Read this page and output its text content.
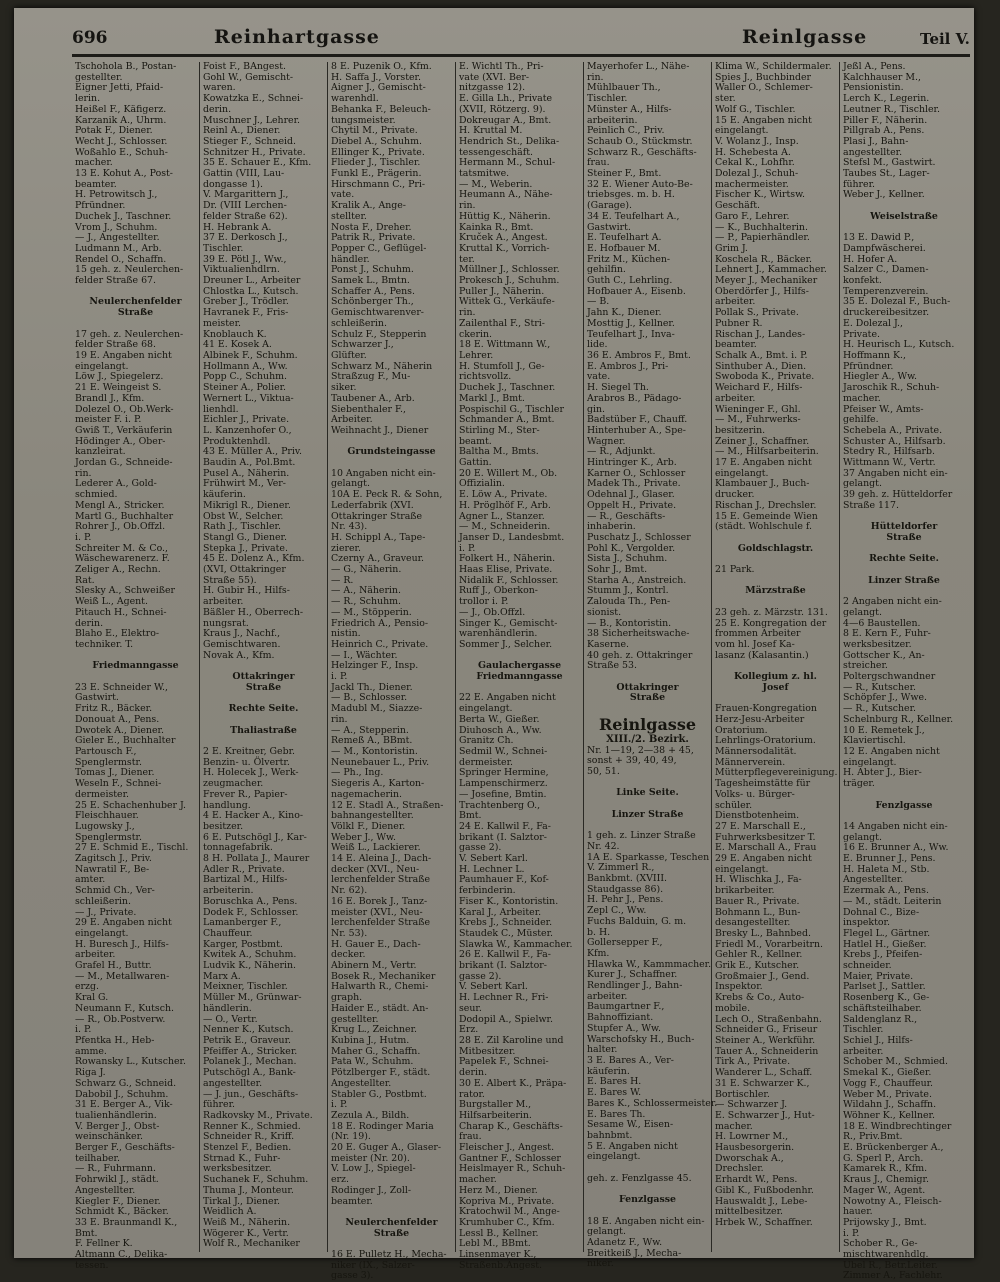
696	Reinhartgasse	Reinlgasse	Teil V.
Tschohola B., Postan-
gestellter.
Eigner Jetti, Pfaid-
lerin.
Heißel F., Käfigerz.
Karzanik A., Uhrm.
Potak F., Diener.
Wecht J., Schlosser.
Woßahlo E., Schuh-
macher.
13 E. Kohut A., Post-
beamter.
H. Petrowitsch J.,
Pfründner.
Duchek J., Taschner.
Vrom J., Schuhm.
— J., Angestellter.
Ludmann M., Arb.
Rendel O., Schaffn.
15 geh. z. Neulerchen-
felder Straße 67.

Neulerchenfelder
Straße

17 geh. z. Neulerchen-
felder Straße 68.
19 E. Angaben nicht
eingelangt.
Löw J., Spiegelerz.
21 E. Weingeist S.
Brandl J., Kfm.
Dolezel O., Ob.Werk-
meister F. i. P.
Gwiß T., Verkäuferin
Hödinger A., Ober-
kanzleirat.
Jordan G., Schneide-
rin.
Lederer A., Gold-
schmied.
Mengl A., Stricker.
Martl G., Buchhalter
Rohrer J., Ob.Offzl.
i. P.
Schreiter M. & Co.,
Wäschewarenerz. F.
Zeliger A., Rechn.
Rat.
Slesky A., Schweißer
Weiß L., Agent.
Pitauch H., Schnei-
derin.
Blaho E., Elektro-
techniker. T.

Friedmanngasse

23 E. Schneider W.,
Gastwirt.
Fritz R., Bäcker.
Donouat A., Pens.
Dwotek A., Diener.
Gieler E., Buchhalter
Partousch F.,
Spenglermstr.
Tomas J., Diener.
Weseln F., Schnei-
dermeister.
25 E. Schachenhuber J.
Fleischhauer.
Lugowsky J.,
Spenglermstr.
27 E. Schmid E., Tischl.
Zagitsch J., Priv.
Nawratil F., Be-
amter.
Schmid Ch., Ver-
schleißerin.
— J., Private.
29 E. Angaben nicht
eingelangt.
H. Buresch J., Hilfs-
arbeiter.
Grafel H., Buttr.
— M., Metallwaren-
erzg.
Kral G.
Neumann F., Kutsch.
— R., Ob.Postverw.
i. P.
Pfentka H., Heb-
amme.
Rowansky L., Kutscher.
Riga J.
Schwarz G., Schneid.
Dabobil J., Schuhm.
31 E. Berger A., Vik-
tualienhändlerin.
V. Berger J., Obst-
weinschänker.
Berger F., Geschäfts-
teilhaber.
— R., Fuhrmann.
Fohrwikl J., städt.
Angestellter.
Kiegler F., Diener.
Schmidt K., Bäcker.
33 E. Braunmandl K.,
Bmt.
F. Fellner K.
Altmann C., Delika-
tessen.
Foist F., BAngest.
Gohl W., Gemischt-
waren.
Kowatzka E., Schnei-
derin.
Muschner J., Lehrer.
Reinl A., Diener.
Stieger F., Schneid.
Schnitzer H., Private.
35 E. Schauer E., Kfm.
Gattin (VIII, Lau-
dongasse 1).
V. Margarittern J.,
Dr. (VIII Lerchen-
felder Straße 62).
H. Hebrank A.
37 E. Derkosch J.,
Tischler.
39 E. Pötl J., Ww.,
Viktualienhdlrn.
Dreuner L., Arbeiter
Chlostka L., Kutsch.
Greber J., Trödler.
Havranek F., Fris-
meister.
Knoblauch K.
41 E. Kosek A.
Albinek F., Schuhm.
Hollmann A., Ww.
Popp C., Schuhm.
Steiner A., Polier.
Wernert L., Viktua-
lienhdl.
Eichler J., Private.
L. Kanzenhofer O.,
Produktenhdl.
43 E. Müller A., Priv.
Baudin A., Pol.Bmt.
Pusel A., Näherin.
Frühwirt M., Ver-
käuferin.
Mikrigl R., Diener.
Obst W., Selcher.
Rath J., Tischler.
Stangl G., Diener.
Stepka J., Private.
45 E. Dolenz A., Kfm.
(XVI, Ottakringer
Straße 55).
H. Gubir H., Hilfs-
arbeiter.
Bäßler H., Oberrech-
nungsrat.
Kraus J., Nachf.,
Gemischtwaren.
Novak A., Kfm.

Ottakringer
Straße

Rechte Seite.

Thaliastraße

2 E. Kreitner, Gebr.
Benzin- u. Ölvertr.
H. Holecek J., Werk-
zeugmacher.
Frever R., Papier-
handlung.
4 E. Hacker A., Kino-
besitzer.
6 E. Putschögl J., Kar-
tonnagefabrik.
8 H. Pollata J., Maurer
Adler R., Private.
Bartizal M., Hilfs-
arbeiterin.
Boruschka A., Pens.
Dodek F., Schlosser.
Lamanberger F.,
Chauffeur.
Karger, Postbmt.
Kwitek A., Schuhm.
Ludvik K., Näherin.
Marx A.
Meixner, Tischler.
Müller M., Grünwar-
händlerin.
— O., Vertr.
Nenner K., Kutsch.
Petrik E., Graveur.
Pfeiffer A., Stricker.
Polanek J., Mechan.
Putschögl A., Bank-
angestellter.
— J. jun., Geschäfts-
führer.
Radkovsky M., Private.
Renner K., Schmied.
Schneider R., Kriff.
Stenzel F., Bedien.
Strnad K., Fuhr-
werksbesitzer.
Suchanek F., Schuhm.
Thuma J., Monteur.
Tirkal J., Diener.
Weidlich A.
Weiß M., Näherin.
Wögerer K., Vertr.
Wolf R., Mechaniker
8 E. Puzenik O., Kfm.
H. Saffa J., Vorster.
Aigner J., Gemischt-
warenhdl.
Behanka F., Beleuch-
tungsmeister.
Chytil M., Private.
Diebel A., Schuhm.
Ellinger K., Private.
Flieder J., Tischler.
Funkl E., Prägerin.
Hirschmann C., Pri-
vate.
Kralik A., Ange-
stellter.
Nosta F., Dreher.
Patrik R., Private.
Popper C., Geflügel-
händler.
Ponst J., Schuhm.
Samek L., Bmtn.
Schaffer A., Pens.
Schönberger Th.,
Gemischtwarenver-
schleißerin.
Schulz F., Stepperin
Schwarzer J.,
Glüfter.
Schwarz M., Näherin
Straßzug F., Mu-
siker.
Taubener A., Arb.
Siebenthaler F.,
Arbeiter.
Weihnacht J., Diener

Grundsteingasse

10 Angaben nicht ein-
gelangt.
10A E. Peck R. & Sohn,
Lederfabrik (XVI.
Ottakringer Straße
Nr. 43).
H. Schippl A., Tape-
zierer.
Czerny A., Graveur.
— G., Näherin.
— R.
— A., Näherin.
— R., Schuhm.
— M., Stöpperin.
Friedrich A., Pensio-
nistin.
Heinrich C., Private.
— I., Wächter.
Helzinger F., Insp.
i. P.
Jackl Th., Diener.
— B., Schlosser.
Madubl M., Siazze-
rin.
— A., Stepperin.
Remeß A., BBmt.
— M., Kontoristin.
Neunebauer L., Priv.
— Ph., Ing.
Siegeris A., Karton-
nagemacherin.
12 E. Stadl A., Straßen-
bahnangestellter.
Völkl F., Diener.
Weber J., Ww.
Weiß L., Lackierer.
14 E. Aleina J., Dach-
decker (XVI., Neu-
lerchenfelder Straße
Nr. 62).
16 E. Borek J., Tanz-
meister (XVI., Neu-
lerchenfelder Straße
Nr. 53).
H. Gauer E., Dach-
decker.
Abinern M., Vertr.
Bosek R., Mechaniker
Halwarth R., Chemi-
graph.
Haider E., städt. An-
gestellter.
Krug L., Zeichner.
Kubina J., Hutm.
Maher G., Schaffn.
Pata W., Schuhm.
Pötzlberger F., städt.
Angestellter.
Stabler G., Postbmt.
i. P.
Zezula A., Bildh.
18 E. Rodinger Maria
(Nr. 19).
20 E. Guger A., Glaser-
meister (Nr. 20).
V. Low J., Spiegel-
erz.
Rodinger J., Zoll-
beamter.

Neulerchenfelder
Straße

16 E. Pulletz H., Mecha-
niker (IX., Salzer-
gasse 3).
E. Wichtl Th., Pri-
vate (XVI. Ber-
nitzgasse 12).
E. Gilla Lh., Private
(XVII, Rötzerg. 9).
Dokreugar A., Bmt.
H. Kruttal M.
Hendrich St., Delika-
tessengeschäft.
Hermann M., Schul-
tatsmitwe.
— M., Weberin.
Heumann A., Nähe-
rin.
Hüttig K., Näherin.
Kainka R., Bmt.
Kruček A., Angest.
Kruttal K., Vorrich-
ter.
Müllner J., Schlosser.
Prokesch J., Schuhm.
Puller J., Näherin.
Wittek G., Verkäufe-
rin.
Zailenthal F., Stri-
ckerin.
18 E. Wittmann W.,
Lehrer.
H. Stumfoll J., Ge-
richtsvollz.
Duchek J., Taschner.
Markl J., Bmt.
Pospischil G., Tischler
Schmander A., Bmt.
Stirling M., Ster-
beamt.
Baltha M., Bmts.
Gattin.
20 E. Willert M., Ob.
Offizialin.
E. Löw A., Private.
H. Pröglhöf F., Arb.
Agner L., Stanzer.
— M., Schneiderin.
Janser D., Landesbmt.
i. P.
Folkert H., Näherin.
Haas Elise, Private.
Nidalik F., Schlosser.
Ruff J., Oberkon-
trollor i. P.
— J., Ob.Offzl.
Singer K., Gemischt-
warenhändlerin.
Sommer J., Selcher.

Gaulachergasse
Friedmanngasse

22 E. Angaben nicht
eingelangt.
Berta W., Gießer.
Diuhosch A., Ww.
Granitz Ch.
Sedmil W., Schnei-
dermeister.
Springer Hermine,
Lampenschirmerz.
— Josefine, Bmtin.
Trachtenberg O.,
Bmt.
24 E. Kallwil F., Fa-
brikant (I. Salztor-
gasse 2).
V. Sebert Karl.
H. Lechner L.
Paumhauer F., Kof-
ferbinderin.
Fiser K., Kontoristin.
Karal J., Arbeiter.
Krebs J., Schneider.
Staudek C., Müster.
Slawka W., Kammacher.
26 E. Kallwil F., Fa-
brikant (I. Salztor-
gasse 2).
V. Sebert Karl.
H. Lechner R., Fri-
seur.
Dodopil A., Spielwr.
Erz.
28 E. Zil Karoline und
Mitbesitzer.
Papelek F., Schnei-
derin.
30 E. Albert K., Präpa-
rator.
Burgstaller M.,
Hilfsarbeiterin.
Charap K., Geschäfts-
frau.
Fleischer J., Angest.
Gantner F., Schlosser
Heislmayer R., Schuh-
macher.
Herz M., Diener.
Kopriva M., Private.
Kratochwil M., Ange-
Krumhuber C., Kfm.
Lessl B., Kellner.
Lebl M., BBmt.
Linsenmayer K.,
Straßenb.Angest.
Mayerhofer L., Nähe-
rin.
Mühlbauer Th.,
Tischler.
Münster A., Hilfs-
arbeiterin.
Peinlich C., Priv.
Schaub O., Stückmstr.
Schwarz R., Geschäfts-
frau.
Steiner F., Bmt.
32 E. Wiener Auto-Be-
triebsges. m. b. H.
(Garage).
34 E. Teufelhart A.,
Gastwirt.
E. Teufelhart A.
E. Hofbauer M.
Fritz M., Küchen-
gehilfin.
Guth C., Lehrling.
Hofbauer A., Eisenb.
— B.
Jahn K., Diener.
Mosttig J., Kellner.
Teufelhart J., Inva-
lide.
36 E. Ambros F., Bmt.
E. Ambros J., Pri-
vate.
H. Siegel Th.
Arabros B., Pädago-
gin.
Badstüber F., Chauff.
Hinterhuber A., Spe-
Wagner.
— R., Adjunkt.
Hintringer K., Arb.
Karner O., Schlosser
Madek Th., Private.
Odehnal J., Glaser.
Oppelt H., Private.
— R., Geschäfts-
inhaberin.
Puschatz J., Schlosser
Pohl K., Vergolder.
Sista J., Schuhm.
Sohr J., Bmt.
Starha A., Anstreich.
Stumm J., Kontrl.
Zalouda Th., Pen-
sionist.
— B., Kontoristin.
38 Sicherheitswache-
Kaserne.
40 geh. z. Ottakringer
Straße 53.

Ottakringer
Straße

Reinlgasse
XIII./2. Bezirk.
Nr. 1—19, 2—38 + 45,
sonst + 39, 40, 49,
50, 51.

Linke Seite.

Linzer Straße

1 geh. z. Linzer Straße
Nr. 42.
1A E. Sparkasse, Teschen
V. Zimmerl R.,
Bankbmt. (XVIII.
Staudgasse 86).
H. Pehr J., Pens.
Zepl C., Ww.
Fuchs Balduin, G. m.
b. H.
Gollersepper F.,
Kfm.
Hlawka W., Kammmacher.
Kurer J., Schaffner.
Rendlinger J., Bahn-
arbeiter.
Baumgartner F.,
Bahnoffiziant.
Stupfer A., Ww.
Warschofsky H., Buch-
halter.
3 E. Bares A., Ver-
käuferin.
E. Bares H.
E. Bares W.
Bares K., Schlossermeister.
E. Bares Th.
Sesame W., Eisen-
bahnbmt.
5 E. Angaben nicht
eingelangt.

geh. z. Fenzlgasse 45.

Fenzlgasse

18 E. Angaben nicht ein-
gelangt.
Adanetz F., Ww.
Breitkeiß J., Mecha-
niker.
Klima W., Schildermaler.
Spies J., Buchbinder
Waller O., Schlemer-
ster.
Wolf G., Tischler.
15 E. Angaben nicht
eingelangt.
V. Wolanz J., Insp.
H. Schebesta A.
Cekal K., Lohfhr.
Dolezal J., Schuh-
machermeister.
Fischer K., Wirtsw.
Geschäft.
Garo F., Lehrer.
— K., Buchhalterin.
— P., Papierhändler.
Grim J.
Koschela R., Bäcker.
Lehnert J., Kammacher.
Meyer J., Mechaniker
Oberdörfer J., Hilfs-
arbeiter.
Pollak S., Private.
Pubner R.
Rischan J., Landes-
beamter.
Schalk A., Bmt. i. P.
Sinthuber A., Dien.
Swoboda K., Private.
Weichard F., Hilfs-
arbeiter.
Wieninger F., Ghl.
— M., Fuhrwerks-
besitzerin.
Zeiner J., Schaffner.
— M., Hilfsarbeiterin.
17 E. Angaben nicht
eingelangt.
Klambauer J., Buch-
drucker.
Rischan J., Drechsler.
15 E. Gemeinde Wien
(städt. Wohlschule f.

Goldschlagstr.

21 Park.

Märzstraße

23 geh. z. Märzstr. 131.
25 E. Kongregation der
frommen Arbeiter
vom hl. Josef Ka-
lasanz (Kalasantin.)

Kollegium z. hl.
Josef

Frauen-Kongregation
Herz-Jesu-Arbeiter
Oratorium.
Lehrlings-Oratorium.
Männersodalität.
Männerverein.
Mütterpflegevereinigung.
Tagesheimstätte für
Volks- u. Bürger-
schüler.
Dienstbotenheim.
27 E. Marschall E.,
Fuhrwerksbesitzer T.
E. Marschall A., Frau
29 E. Angaben nicht
eingelangt.
H. Wlischka J., Fa-
brikarbeiter.
Bauer R., Private.
Bohmann L., Bun-
desangestellter.
Bresky L., Bahnbed.
Friedl M., Vorarbeitrn.
Gehler R., Kellner.
Grik E., Kutscher.
Großmaier J., Gend.
Inspektor.
Krebs & Co., Auto-
mobile.
Lech O., Straßenbahn.
Schneider G., Friseur
Steiner A., Werkführ.
Tauer A., Schneiderin
Tirk A., Private.
Wanderer L., Schaff.
31 E. Schwarzer K.,
Bortischler.
— Schwarzer J.
E. Schwarzer J., Hut-
macher.
H. Lowrner M.,
Hausbesorgerin.
Dworschak A.,
Drechsler.
Erhardt W., Pens.
Gibl K., Fußbodenhr.
Hauswaldt J., Lebe-
mittelbesitzer.
Hrbek W., Schaffner.
Jeßl A., Pens.
Kalchhauser M.,
Pensionistin.
Lerch K., Legerin.
Leutner R., Tischler.
Piller F., Näherin.
Pillgrab A., Pens.
Plasi J., Bahn-
angestellter.
Stefsl M., Gastwirt.
Taubes St., Lager-
führer.
Weber J., Kellner.

Weiselstraße

13 E. Dawid P.,
Dampfwäscherei.
H. Hofer A.
Salzer C., Damen-
konfekt.
Temperenzverein.
35 E. Dolezal F., Buch-
druckereibesitzer.
E. Dolezal J.,
Private.
H. Heurisch L., Kutsch.
Hoffmann K.,
Pfründner.
Hiegler A., Ww.
Jaroschik R., Schuh-
macher.
Pfeiser W., Amts-
gehilfe.
Schebela A., Private.
Schuster A., Hilfsarb.
Stedry R., Hilfsarb.
Wittmann W., Vertr.
37 Angaben nicht ein-
gelangt.
39 geh. z. Hütteldorfer
Straße 117.

Hütteldorfer
Straße

Rechte Seite.

Linzer Straße

2 Angaben nicht ein-
gelangt.
4—6 Baustellen.
8 E. Kern F., Fuhr-
werksbesitzer.
Gottscher K., An-
streicher.
Poltergschwandner
— R., Kutscher.
Schöpfer J., Wwe.
— R., Kutscher.
Schelnburg R., Kellner.
10 E. Remetek J.,
Klaviertischl.
12 E. Angaben nicht
eingelangt.
H. Abter J., Bier-
träger.

Fenzlgasse

14 Angaben nicht ein-
gelangt.
16 E. Brunner A., Ww.
E. Brunner J., Pens.
H. Haleta M., Stb.
Angestellter.
Ezermak A., Pens.
— M., städt. Leiterin
Dohnal C., Bize-
inspektor.
Flegel L., Gärtner.
Hatlel H., Gießer.
Krebs J., Pfeifen-
schneider.
Maier, Private.
Parlset J., Sattler.
Rosenberg K., Ge-
schäftsteilhaber.
Saldenglanz R.,
Tischler.
Schiel J., Hilfs-
arbeiter.
Schober M., Schmied.
Smekal K., Gießer.
Vogg F., Chauffeur.
Weber M., Private.
Wildahn J., Schaffn.
Wöhner K., Kellner.
18 E. Windbrechtinger
R., Priv.Bmt.
E. Brückenberger A.,
G. Sperl P., Arch.
Kamarek R., Kfm.
Kraus J., Chemigr.
Mager W., Agent.
Nowotny A., Fleisch-
hauer.
Prijowsky J., Bmt.
i. P.
Schober R., Ge-
mischtwarenhdlg.
Ubel R., Betr.Leiter.
Zimmer A., Fachlehr.
